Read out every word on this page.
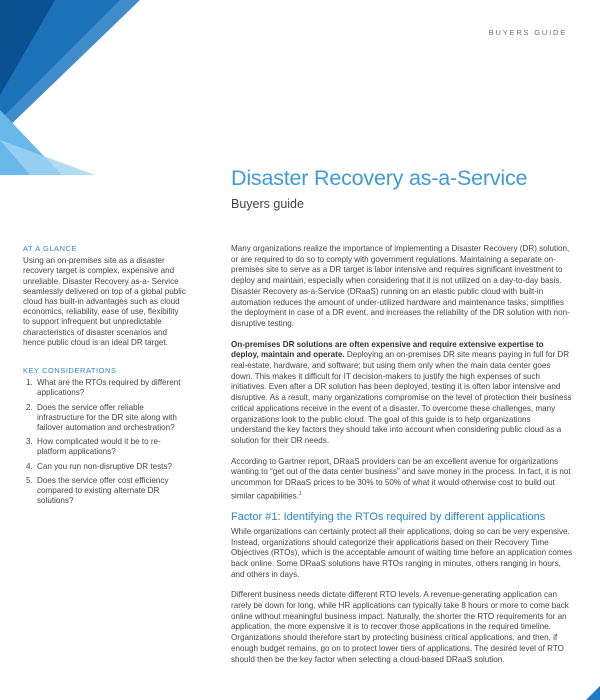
BUYERS GUIDE
Disaster Recovery as-a-Service
Buyers guide
AT A GLANCE

Using an on-premises site as a disaster recovery target is complex, expensive and unreliable. Disaster Recovery as-a- Service seamlessly delivered on top of a global public cloud has built-in advantages such as cloud economics, reliability, ease of use, flexibility to support infrequent but unpredictable characteristics of disaster scenarios and hence public cloud is an ideal DR target.

KEY CONSIDERATIONS
1. What are the RTOs required by different applications?
2. Does the service offer reliable infrastructure for the DR site along with failover automation and orchestration?
3. How complicated would it be to re-platform applications?
4. Can you run non-disruptive DR tests?
5. Does the service offer cost efficiency compared to existing alternate DR solutions?

Many organizations realize the importance of implementing a Disaster Recovery (DR) solution, or are required to do so to comply with government regulations. Maintaining a separate on-premises site to serve as a DR target is labor intensive and requires significant investment to deploy and maintain, especially when considering that it is not utilized on a day-to-day basis. Disaster Recovery as-a-Service (DRaaS) running on an elastic public cloud with built-in automation reduces the amount of under-utilized hardware and maintenance tasks, simplifies the deployment in case of a DR event, and increases the reliability of the DR solution with non-disruptive testing.

On-premises DR solutions are often expensive and require extensive expertise to deploy, maintain and operate. Deploying an on-premises DR site means paying in full for DR real-estate, hardware, and software; but using them only when the main data center goes down. This makes it difficult for IT decision-makers to justify the high expenses of such initiatives. Even after a DR solution has been deployed, testing it is often labor intensive and disruptive. As a result, many organizations compromise on the level of protection their business critical applications receive in the event of a disaster. To overcome these challenges, many organizations look to the public cloud. The goal of this guide is to help organizations understand the key factors they should take into account when considering public cloud as a solution for their DR needs.

According to Gartner report, DRaaS providers can be an excellent avenue for organizations wanting to “get out of the data center business” and save money in the process. In fact, it is not uncommon for DRaaS prices to be 30% to 50% of what it would otherwise cost to build out similar capabilities.$^1$

Factor #1: Identifying the RTOs required by different applications

While organizations can certainly protect all their applications, doing so can be very expensive. Instead, organizations should categorize their applications based on their Recovery Time Objectives (RTOs), which is the acceptable amount of waiting time before an application comes back online. Some DRaaS solutions have RTOs ranging in minutes, others ranging in hours, and others in days.

Different business needs dictate different RTO levels. A revenue-generating application can rarely be down for long, while HR applications can typically take 8 hours or more to come back online without meaningful business impact. Naturally, the shorter the RTO requirements for an application, the more expensive it is to recover those applications in the required timeline. Organizations should therefore start by protecting business critical applications, and then, if enough budget remains, go on to protect lower tiers of applications. The desired level of RTO should then be the key factor when selecting a cloud-based DRaaS solution.
